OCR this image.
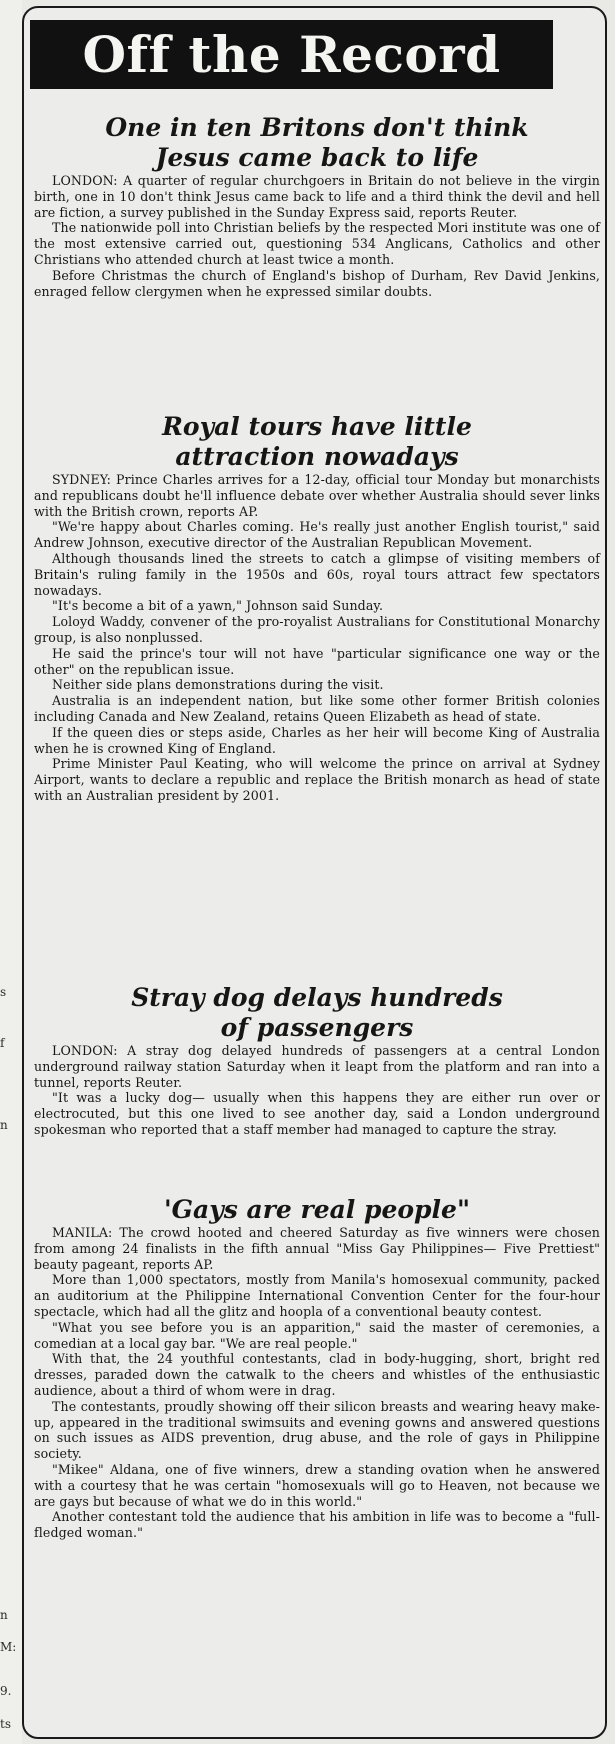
s
f
n
n
M:
9.
ts
Off the Record
One in ten Britons don't think
Jesus came back to life

LONDON: A quarter of regular churchgoers in Britain do not believe in the virgin birth, one in 10 don't think Jesus came back to life and a third think the devil and hell are fiction, a survey published in the Sunday Express said, reports Reuter.

The nationwide poll into Christian beliefs by the respected Mori institute was one of the most extensive carried out, questioning 534 Anglicans, Catholics and other Christians who attended church at least twice a month.

Before Christmas the church of England's bishop of Durham, Rev David Jenkins, enraged fellow clergymen when he expressed similar doubts.

Royal tours have little
attraction nowadays

SYDNEY: Prince Charles arrives for a 12-day, official tour Monday but monarchists and republicans doubt he'll influence debate over whether Australia should sever links with the British crown, reports AP.

"We're happy about Charles coming. He's really just another English tourist," said Andrew Johnson, executive director of the Australian Republican Movement.

Although thousands lined the streets to catch a glimpse of visiting members of Britain's ruling family in the 1950s and 60s, royal tours attract few spectators nowadays.

"It's become a bit of a yawn," Johnson said Sunday.

Loloyd Waddy, convener of the pro-royalist Australians for Constitutional Monarchy group, is also nonplussed.

He said the prince's tour will not have "particular significance one way or the other" on the republican issue.

Neither side plans demonstrations during the visit.

Australia is an independent nation, but like some other former British colonies including Canada and New Zealand, retains Queen Elizabeth as head of state.

If the queen dies or steps aside, Charles as her heir will become King of Australia when he is crowned King of England.

Prime Minister Paul Keating, who will welcome the prince on arrival at Sydney Airport, wants to declare a republic and replace the British monarch as head of state with an Australian president by 2001.

Stray dog delays hundreds
of passengers

LONDON: A stray dog delayed hundreds of passengers at a central London underground railway station Saturday when it leapt from the platform and ran into a tunnel, reports Reuter.

"It was a lucky dog— usually when this happens they are either run over or electrocuted, but this one lived to see another day, said a London underground spokesman who reported that a staff member had managed to capture the stray.

'Gays are real people"

MANILA: The crowd hooted and cheered Saturday as five winners were chosen from among 24 finalists in the fifth annual "Miss Gay Philippines— Five Prettiest" beauty pageant, reports AP.

More than 1,000 spectators, mostly from Manila's homosexual community, packed an auditorium at the Philippine International Convention Center for the four-hour spectacle, which had all the glitz and hoopla of a conventional beauty contest.

"What you see before you is an apparition," said the master of ceremonies, a comedian at a local gay bar. "We are real people."

With that, the 24 youthful contestants, clad in body-hugging, short, bright red dresses, paraded down the catwalk to the cheers and whistles of the enthusiastic audience, about a third of whom were in drag.

The contestants, proudly showing off their silicon breasts and wearing heavy make-up, appeared in the traditional swimsuits and evening gowns and answered questions on such issues as AIDS prevention, drug abuse, and the role of gays in Philippine society.

"Mikee" Aldana, one of five winners, drew a standing ovation when he answered with a courtesy that he was certain "homosexuals will go to Heaven, not because we are gays but because of what we do in this world."

Another contestant told the audience that his ambition in life was to become a "full-fledged woman."
